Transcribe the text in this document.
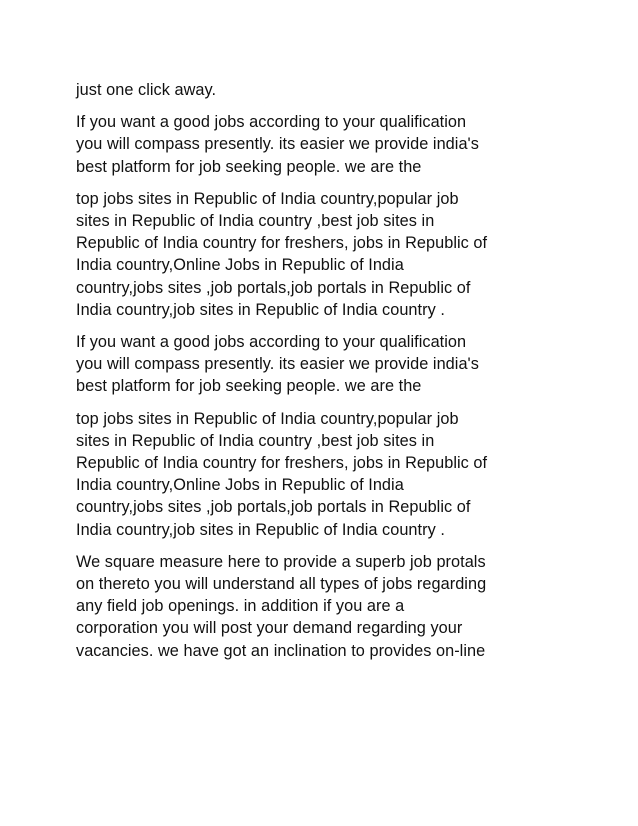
just one click away.

If you want a good jobs according to your qualification
you will compass presently. its easier we provide india's
best platform for job seeking people. we are the

top jobs sites in Republic of India country,popular job
sites in Republic of India country ,best job sites in
Republic of India country for freshers, jobs in Republic of
India country,Online Jobs in Republic of India
country,jobs sites ,job portals,job portals in Republic of
India country,job sites in Republic of India country .

If you want a good jobs according to your qualification
you will compass presently. its easier we provide india's
best platform for job seeking people. we are the

top jobs sites in Republic of India country,popular job
sites in Republic of India country ,best job sites in
Republic of India country for freshers, jobs in Republic of
India country,Online Jobs in Republic of India
country,jobs sites ,job portals,job portals in Republic of
India country,job sites in Republic of India country .

We square measure here to provide a superb job protals
on thereto you will understand all types of jobs regarding
any field job openings. in addition if you are a
corporation you will post your demand regarding your
vacancies. we have got an inclination to provides on-line
